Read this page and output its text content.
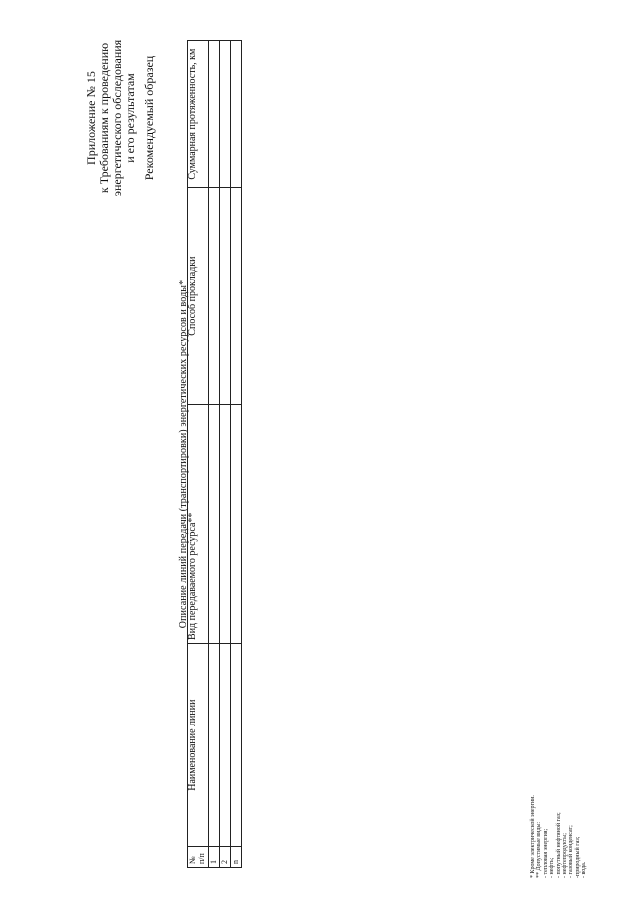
Приложение № 15 к Требованиям к проведению энергетического обследования и его результатам Рекомендуемый образец
Описание линий передачи (транспортировки) энергетических ресурсов и воды*
№ п/п	Наименование линии	Вид передаваемого ресурса**	Способ прокладки	Суммарная протяженность, км
1				
2				
n					* Кроме электрической энергии. ** Допустимые виды: - тепловая энергия; - нефть; - попутный нефтяной газ; - нефтепродукты; - газовый конденсат; -природный газ; - вода.
